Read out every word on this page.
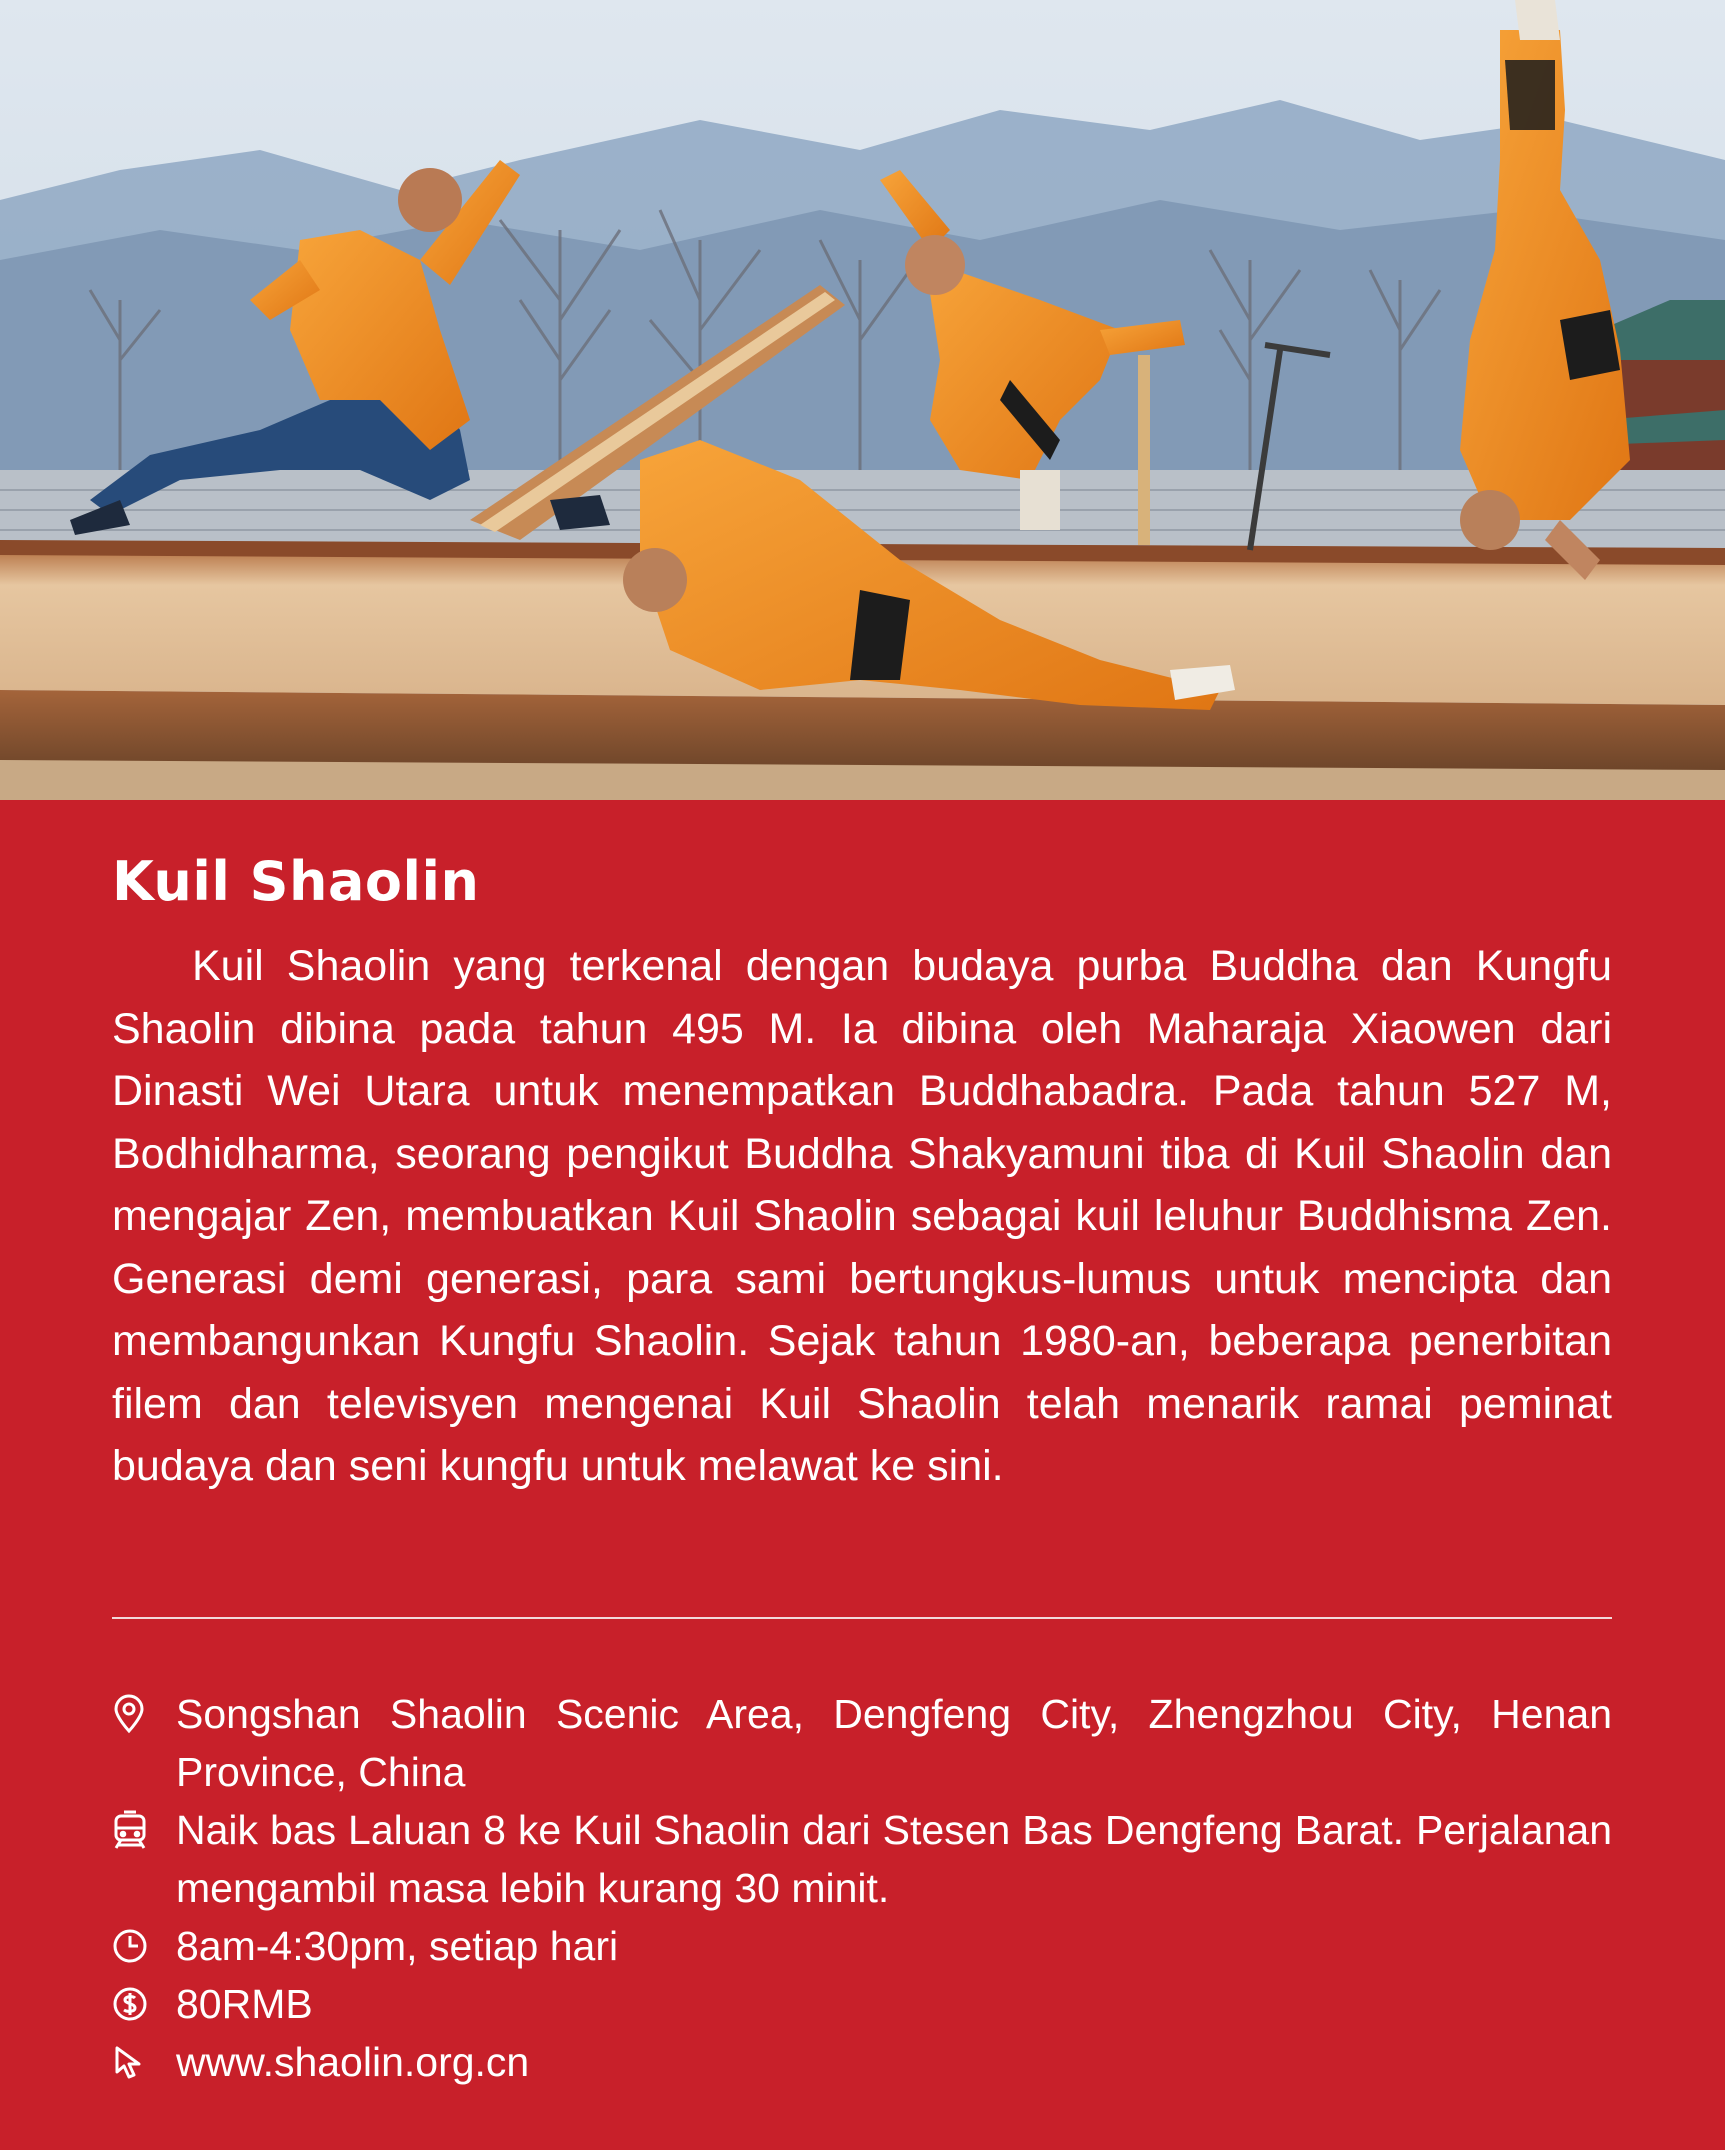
Kuil Shaolin

Kuil Shaolin yang terkenal dengan budaya purba Buddha dan Kungfu Shaolin dibina pada tahun 495 M. Ia dibina oleh Maharaja Xiaowen dari Dinasti Wei Utara untuk menempatkan Buddhabadra. Pada tahun 527 M, Bodhidharma, seorang pengikut Buddha Shakyamuni tiba di Kuil Shaolin dan mengajar Zen, membuatkan Kuil Shaolin sebagai kuil leluhur Buddhisma Zen. Generasi demi generasi, para sami bertungkus-lumus untuk mencipta dan membangunkan Kungfu Shaolin. Sejak tahun 1980-an, beberapa penerbitan filem dan televisyen mengenai Kuil Shaolin telah menarik ramai peminat budaya dan seni kungfu untuk melawat ke sini.

Songshan Shaolin Scenic Area, Dengfeng City, Zhengzhou City, Henan Province, China
Naik bas Laluan 8 ke Kuil Shaolin dari Stesen Bas Dengfeng Barat. Perjalanan mengambil masa lebih kurang 30 minit.
8am-4:30pm, setiap hari
80RMB
www.shaolin.org.cn
